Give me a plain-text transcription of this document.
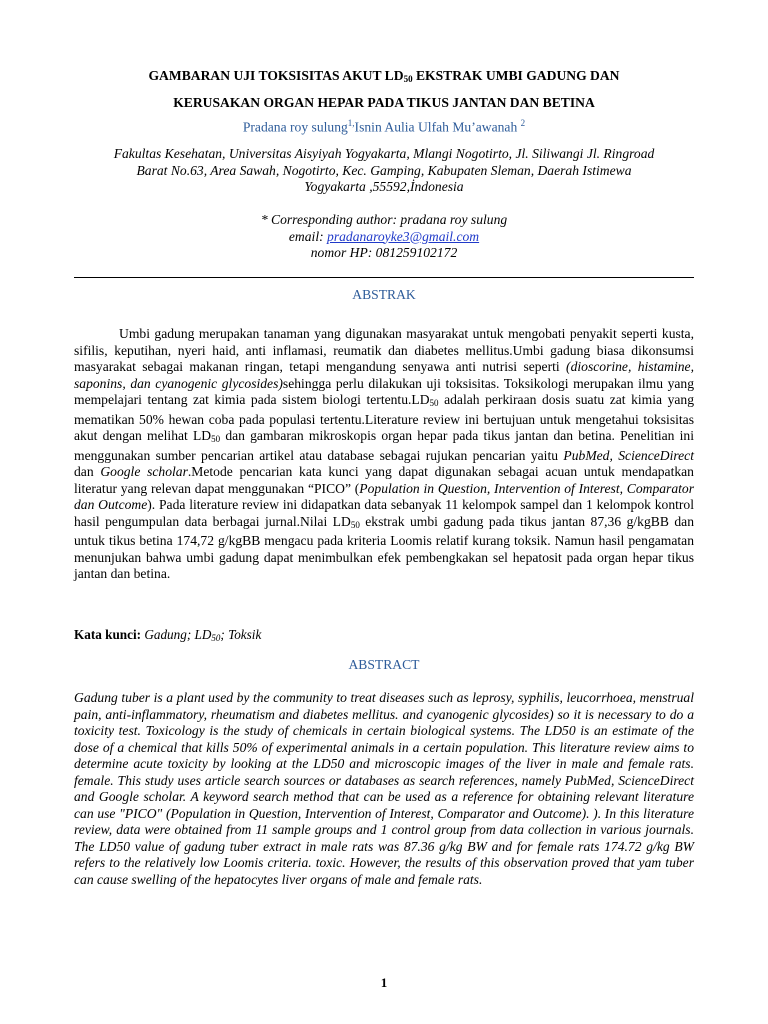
GAMBARAN UJI TOKSISITAS AKUT $LD_{50}$ EKSTRAK UMBI GADUNG DAN
KERUSAKAN ORGAN HEPAR PADA TIKUS JANTAN DAN BETINA
Pradana roy sulung$^{1,}$Isnin Aulia Ulfah Mu’awanah $^2$
Fakultas Kesehatan, Universitas Aisyiyah Yogyakarta, Mlangi Nogotirto, Jl. Siliwangi Jl. Ringroad
Barat No.63, Area Sawah, Nogotirto, Kec. Gamping, Kabupaten Sleman, Daerah Istimewa
Yogyakarta ,55592,İndonesia
* Corresponding author: pradana roy sulung
email: pradanaroyke3@gmail.com
nomor HP: 081259102172
ABSTRAK

Umbi gadung merupakan tanaman yang digunakan masyarakat untuk mengobati penyakit seperti kusta, sifilis, keputihan, nyeri haid, anti inflamasi, reumatik dan diabetes mellitus.Umbi gadung biasa dikonsumsi masyarakat sebagai makanan ringan, tetapi mengandung senyawa anti nutrisi seperti (dioscorine, histamine, saponins, dan cyanogenic glycosides)sehingga perlu dilakukan uji toksisitas. Toksikologi merupakan ilmu yang mempelajari tentang zat kimia pada sistem biologi $tertentu.LD_{50}$ adalah perkiraan dosis suatu zat kimia yang mematikan 50% hewan coba pada populasi tertentu.Literature review ini bertujuan untuk mengetahui toksisitas akut dengan melihat $LD_{50}$ dan gambaran mikroskopis organ hepar pada tikus jantan dan betina. Penelitian ini menggunakan sumber pencarian artikel atau database sebagai rujukan pencarian yaitu PubMed, ScienceDirect dan Google scholar.Metode pencarian kata kunci yang dapat digunakan sebagai acuan untuk mendapatkan literatur yang relevan dapat menggunakan “PICO” (Population in Question, Intervention of Interest, Comparator dan Outcome). Pada literature review ini didapatkan data sebanyak 11 kelompok sampel dan 1 kelompok kontrol hasil pengumpulan data berbagai jurnal.Nilai $LD_{50}$ ekstrak umbi gadung pada tikus jantan 87,36 g/kgBB dan untuk tikus betina 174,72 g/kgBB mengacu pada kriteria Loomis relatif kurang toksik. Namun hasil pengamatan menunjukan bahwa umbi gadung dapat menimbulkan efek pembengkakan sel hepatosit pada organ hepar tikus jantan dan betina.

Kata kunci: Gadung; $LD_{50}$; Toksik
ABSTRACT

Gadung tuber is a plant used by the community to treat diseases such as leprosy, syphilis, leucorrhoea, menstrual pain, anti-inflammatory, rheumatism and diabetes mellitus. and cyanogenic glycosides) so it is necessary to do a toxicity test. Toxicology is the study of chemicals in certain biological systems. The LD50 is an estimate of the dose of a chemical that kills 50% of experimental animals in a certain population. This literature review aims to determine acute toxicity by looking at the LD50 and microscopic images of the liver in male and female rats. female. This study uses article search sources or databases as search references, namely PubMed, ScienceDirect and Google scholar. A keyword search method that can be used as a reference for obtaining relevant literature can use "PICO" (Population in Question, Intervention of Interest, Comparator and Outcome). ). In this literature review, data were obtained from 11 sample groups and 1 control group from data collection in various journals. The LD50 value of gadung tuber extract in male rats was 87.36 g/kg BW and for female rats 174.72 g/kg BW refers to the relatively low Loomis criteria. toxic. However, the results of this observation proved that yam tuber can cause swelling of the hepatocytes liver organs of male and female rats.

1
